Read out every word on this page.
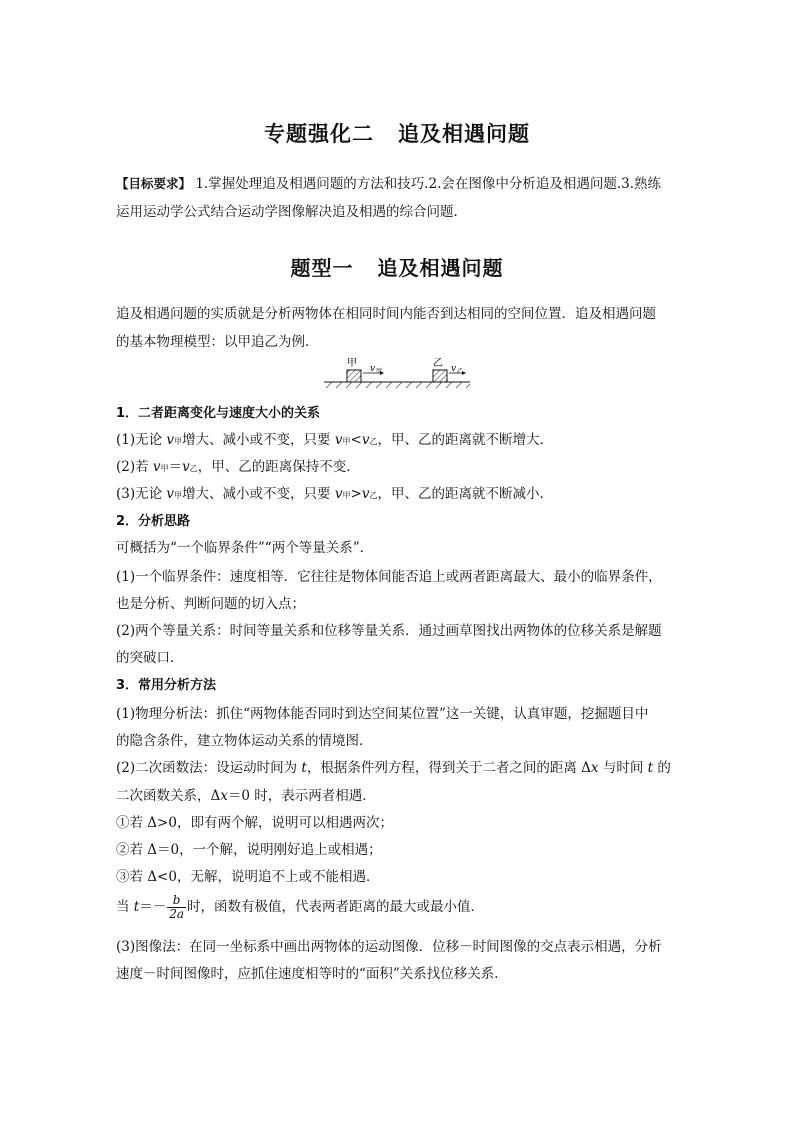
专题强化二 追及相遇问题
【目标要求】 1.掌握处理追及相遇问题的方法和技巧.2.会在图像中分析追及相遇问题.3.熟练
运用运动学公式结合运动学图像解决追及相遇的综合问题．
题型一 追及相遇问题
追及相遇问题的实质就是分析两物体在相同时间内能否到达相同的空间位置．追及相遇问题
的基本物理模型：以甲追乙为例．
甲 v 甲
乙 v 乙
1．二者距离变化与速度大小的关系
(1)无论 v甲增大、减小或不变，只要 v甲<v乙，甲、乙的距离就不断增大．
(2)若 v甲＝v乙，甲、乙的距离保持不变．
(3)无论 v甲增大、减小或不变，只要 v甲>v乙，甲、乙的距离就不断减小．
2．分析思路
可概括为“一个临界条件”“两个等量关系”．
(1)一个临界条件：速度相等．它往往是物体间能否追上或两者距离最大、最小的临界条件，
也是分析、判断问题的切入点；
(2)两个等量关系：时间等量关系和位移等量关系．通过画草图找出两物体的位移关系是解题
的突破口．
3．常用分析方法
(1)物理分析法：抓住“两物体能否同时到达空间某位置”这一关键，认真审题，挖掘题目中
的隐含条件，建立物体运动关系的情境图．
(2)二次函数法：设运动时间为 t，根据条件列方程，得到关于二者之间的距离 Δx 与时间 t 的
二次函数关系，Δx＝0 时，表示两者相遇．
①若 Δ>0，即有两个解，说明可以相遇两次；
②若 Δ＝0，一个解，说明刚好追上或相遇；
③若 Δ<0，无解，说明追不上或不能相遇．
当 $t=- \frac{b}{2a}$ 时，函数有极值，代表两者距离的最大或最小值．
(3)图像法：在同一坐标系中画出两物体的运动图像．位移－时间图像的交点表示相遇，分析
速度－时间图像时，应抓住速度相等时的“面积”关系找位移关系．
